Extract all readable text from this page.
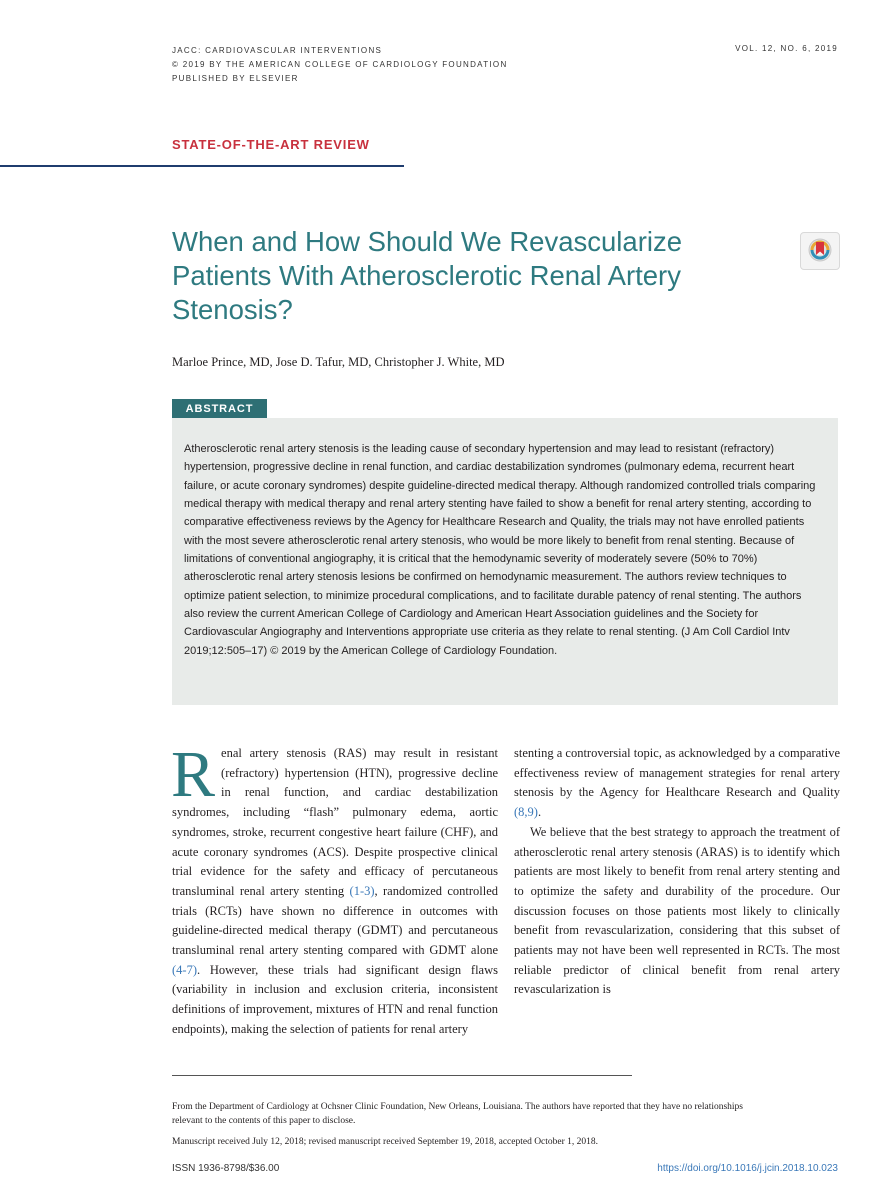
JACC: CARDIOVASCULAR INTERVENTIONS
© 2019 BY THE AMERICAN COLLEGE OF CARDIOLOGY FOUNDATION
PUBLISHED BY ELSEVIER
VOL. 12, NO. 6, 2019
STATE-OF-THE-ART REVIEW
When and How Should We Revascularize Patients With Atherosclerotic Renal Artery Stenosis?
Marloe Prince, MD, Jose D. Tafur, MD, Christopher J. White, MD
ABSTRACT

Atherosclerotic renal artery stenosis is the leading cause of secondary hypertension and may lead to resistant (refractory) hypertension, progressive decline in renal function, and cardiac destabilization syndromes (pulmonary edema, recurrent heart failure, or acute coronary syndromes) despite guideline-directed medical therapy. Although randomized controlled trials comparing medical therapy with medical therapy and renal artery stenting have failed to show a benefit for renal artery stenting, according to comparative effectiveness reviews by the Agency for Healthcare Research and Quality, the trials may not have enrolled patients with the most severe atherosclerotic renal artery stenosis, who would be more likely to benefit from renal stenting. Because of limitations of conventional angiography, it is critical that the hemodynamic severity of moderately severe (50% to 70%) atherosclerotic renal artery stenosis lesions be confirmed on hemodynamic measurement. The authors review techniques to optimize patient selection, to minimize procedural complications, and to facilitate durable patency of renal stenting. The authors also review the current American College of Cardiology and American Heart Association guidelines and the Society for Cardiovascular Angiography and Interventions appropriate use criteria as they relate to renal stenting. (J Am Coll Cardiol Intv 2019;12:505–17) © 2019 by the American College of Cardiology Foundation.

Renal artery stenosis (RAS) may result in resistant (refractory) hypertension (HTN), progressive decline in renal function, and cardiac destabilization syndromes, including “flash” pulmonary edema, aortic syndromes, stroke, recurrent congestive heart failure (CHF), and acute coronary syndromes (ACS). Despite prospective clinical trial evidence for the safety and efficacy of percutaneous transluminal renal artery stenting (1-3), randomized controlled trials (RCTs) have shown no difference in outcomes with guideline-directed medical therapy (GDMT) and percutaneous transluminal renal artery stenting compared with GDMT alone (4-7). However, these trials had significant design flaws (variability in inclusion and exclusion criteria, inconsistent definitions of improvement, mixtures of HTN and renal function endpoints), making the selection of patients for renal artery

stenting a controversial topic, as acknowledged by a comparative effectiveness review of management strategies for renal artery stenosis by the Agency for Healthcare Research and Quality (8,9).

We believe that the best strategy to approach the treatment of atherosclerotic renal artery stenosis (ARAS) is to identify which patients are most likely to benefit from renal artery stenting and to optimize the safety and durability of the procedure. Our discussion focuses on those patients most likely to clinically benefit from revascularization, considering that this subset of patients may not have been well represented in RCTs. The most reliable predictor of clinical benefit from renal artery revascularization is

From the Department of Cardiology at Ochsner Clinic Foundation, New Orleans, Louisiana. The authors have reported that they have no relationships relevant to the contents of this paper to disclose.

Manuscript received July 12, 2018; revised manuscript received September 19, 2018, accepted October 1, 2018.

ISSN 1936-8798/$36.00	https://doi.org/10.1016/j.jcin.2018.10.023
